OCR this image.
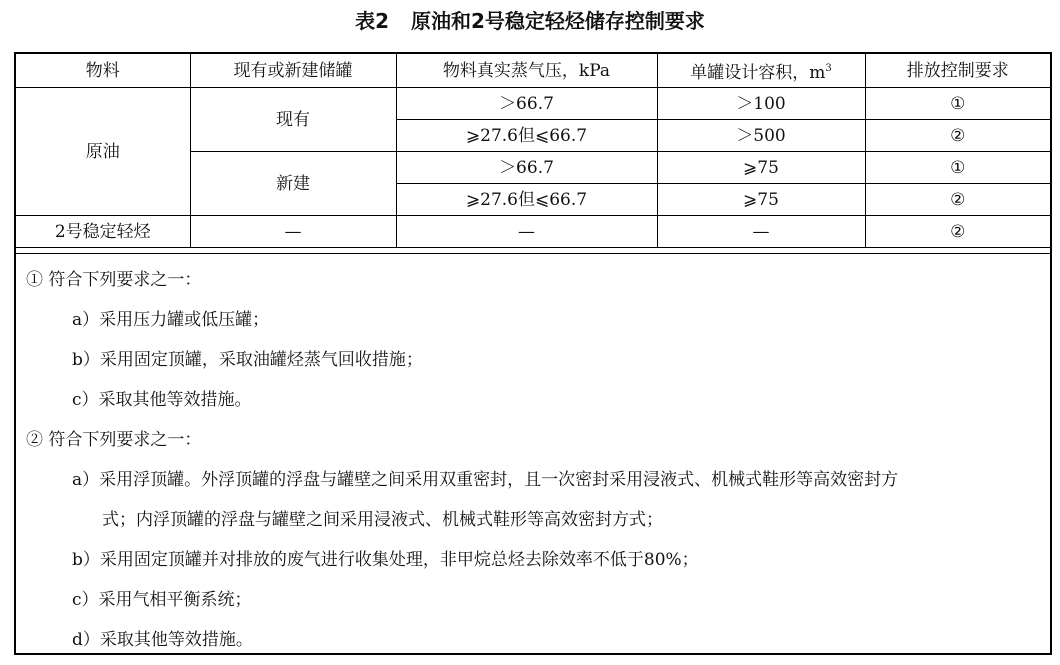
表2 原油和2号稳定轻烃储存控制要求
物料	现有或新建储罐	物料真实蒸气压，kPa	单罐设计容积，$m^3$	排放控制要求
原油	现有	＞66.7	＞100	①
		⩾27.6但⩽66.7	＞500	②
	新建	＞66.7	⩾75	①
		⩾27.6但⩽66.7	⩾75	②
2号稳定轻烃	—	—	—	②
① 符合下列要求之一：
a）采用压力罐或低压罐；
b）采用固定顶罐，采取油罐烃蒸气回收措施；
c）采取其他等效措施。
② 符合下列要求之一：
a）采用浮顶罐。外浮顶罐的浮盘与罐壁之间采用双重密封，且一次密封采用浸液式、机械式鞋形等高效密封方
式；内浮顶罐的浮盘与罐壁之间采用浸液式、机械式鞋形等高效密封方式；
b）采用固定顶罐并对排放的废气进行收集处理，非甲烷总烃去除效率不低于80%；
c）采用气相平衡系统；
d）采取其他等效措施。
